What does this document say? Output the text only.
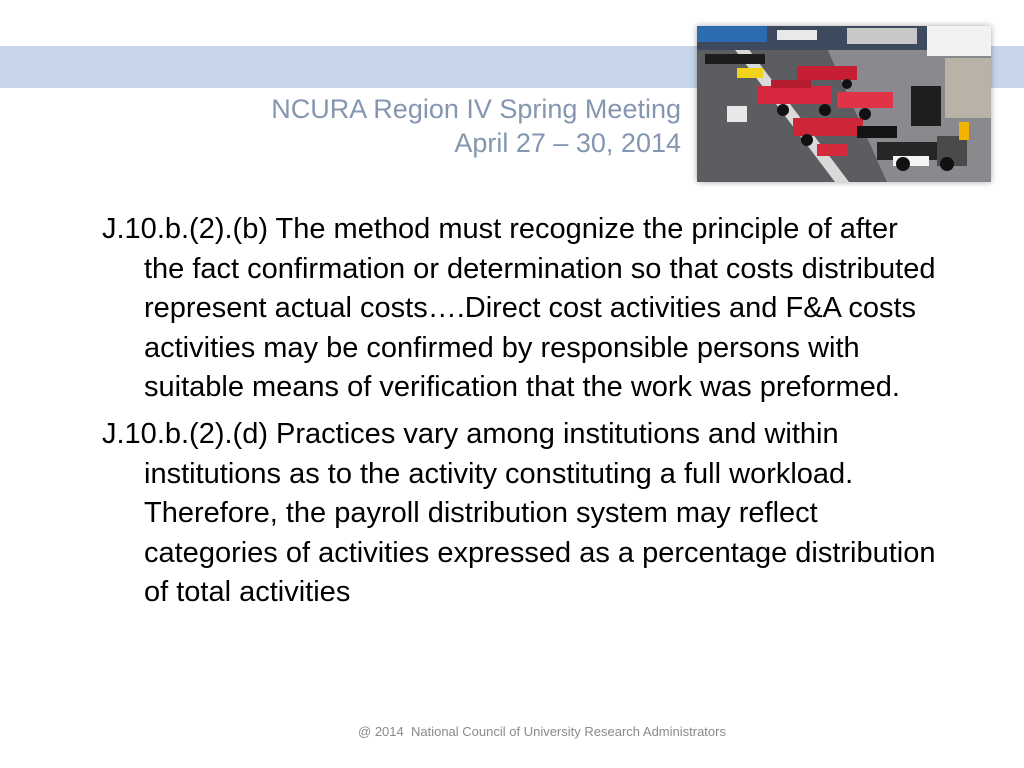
NCURA Region IV Spring Meeting
April 27 – 30, 2014

J.10.b.(2).(b) The method must recognize the principle of after the fact confirmation or determination so that costs distributed represent actual costs….Direct cost activities and F&A costs activities may be confirmed by responsible persons with suitable means of verification that the work was preformed.

J.10.b.(2).(d) Practices vary among institutions and within institutions as to the activity constituting a full workload. Therefore, the payroll distribution system may reflect categories of activities expressed as a percentage distribution of total activities

@ 2014  National Council of University Research Administrators
